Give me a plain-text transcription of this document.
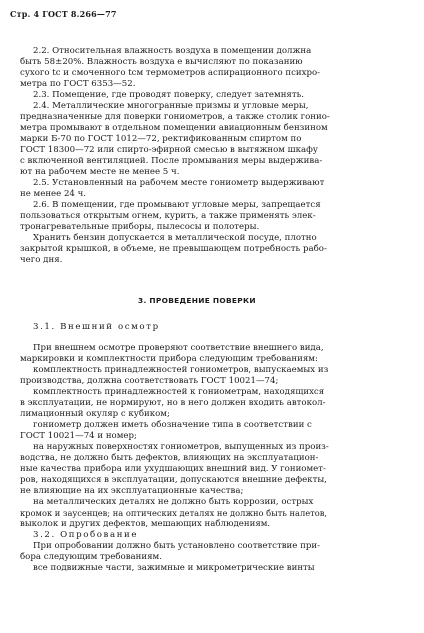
Стр. 4 ГОСТ 8.266—77
2.2. Относительная влажность воздуха в помещении должна
быть 58±20%. Влажность воздуха e вычисляют по показанию
сухого tc и смоченного tсм термометров аспирационного психро-
метра по ГОСТ 6353—52.
2.3. Помещение, где проводят поверку, следует затемнять.
2.4. Металлические многогранные призмы и угловые меры,
предназначенные для поверки гониометров, а также столик гонио-
метра промывают в отдельном помещении авиационным бензином
марки Б-70 по ГОСТ 1012—72, ректификованным спиртом по
ГОСТ 18300—72 или спирто-эфирной смесью в вытяжном шкафу
с включенной вентиляцией. После промывания меры выдержива-
ют на рабочем месте не менее 5 ч.
2.5. Установленный на рабочем месте гониометр выдерживают
не менее 24 ч.
2.6. В помещении, где промывают угловые меры, запрещается
пользоваться открытым огнем, курить, а также применять элек-
тронагревательные приборы, пылесосы и полотеры.
Хранить бензин допускается в металлической посуде, плотно
закрытой крышкой, в объеме, не превышающем потребность рабо-
чего дня.
3. ПРОВЕДЕНИЕ ПОВЕРКИ
3.1. Внешний осмотр
При внешнем осмотре проверяют соответствие внешнего вида,
маркировки и комплектности прибора следующим требованиям:
комплектность принадлежностей гониометров, выпускаемых из
производства, должна соответствовать ГОСТ 10021—74;
комплектность принадлежностей к гониометрам, находящихся
в эксплуатации, не нормируют, но в него должен входить автокол-
лимационный окуляр с кубиком;
гониометр должен иметь обозначение типа в соответствии с
ГОСТ 10021—74 и номер;
на наружных поверхностях гониометров, выпущенных из произ-
водства, не должно быть дефектов, влияющих на эксплуатацион-
ные качества прибора или ухудшающих внешний вид. У гониомет-
ров, находящихся в эксплуатации, допускаются внешние дефекты,
не влияющие на их эксплуатационные качества;
на металлических деталях не должно быть коррозии, острых
кромок и заусенцев; на оптических деталях не должно быть налетов,
выколок и других дефектов, мешающих наблюдениям.
3.2. Опробование
При опробовании должно быть установлено соответствие при-
бора следующим требованиям.
все подвижные части, зажимные и микрометрические винты
